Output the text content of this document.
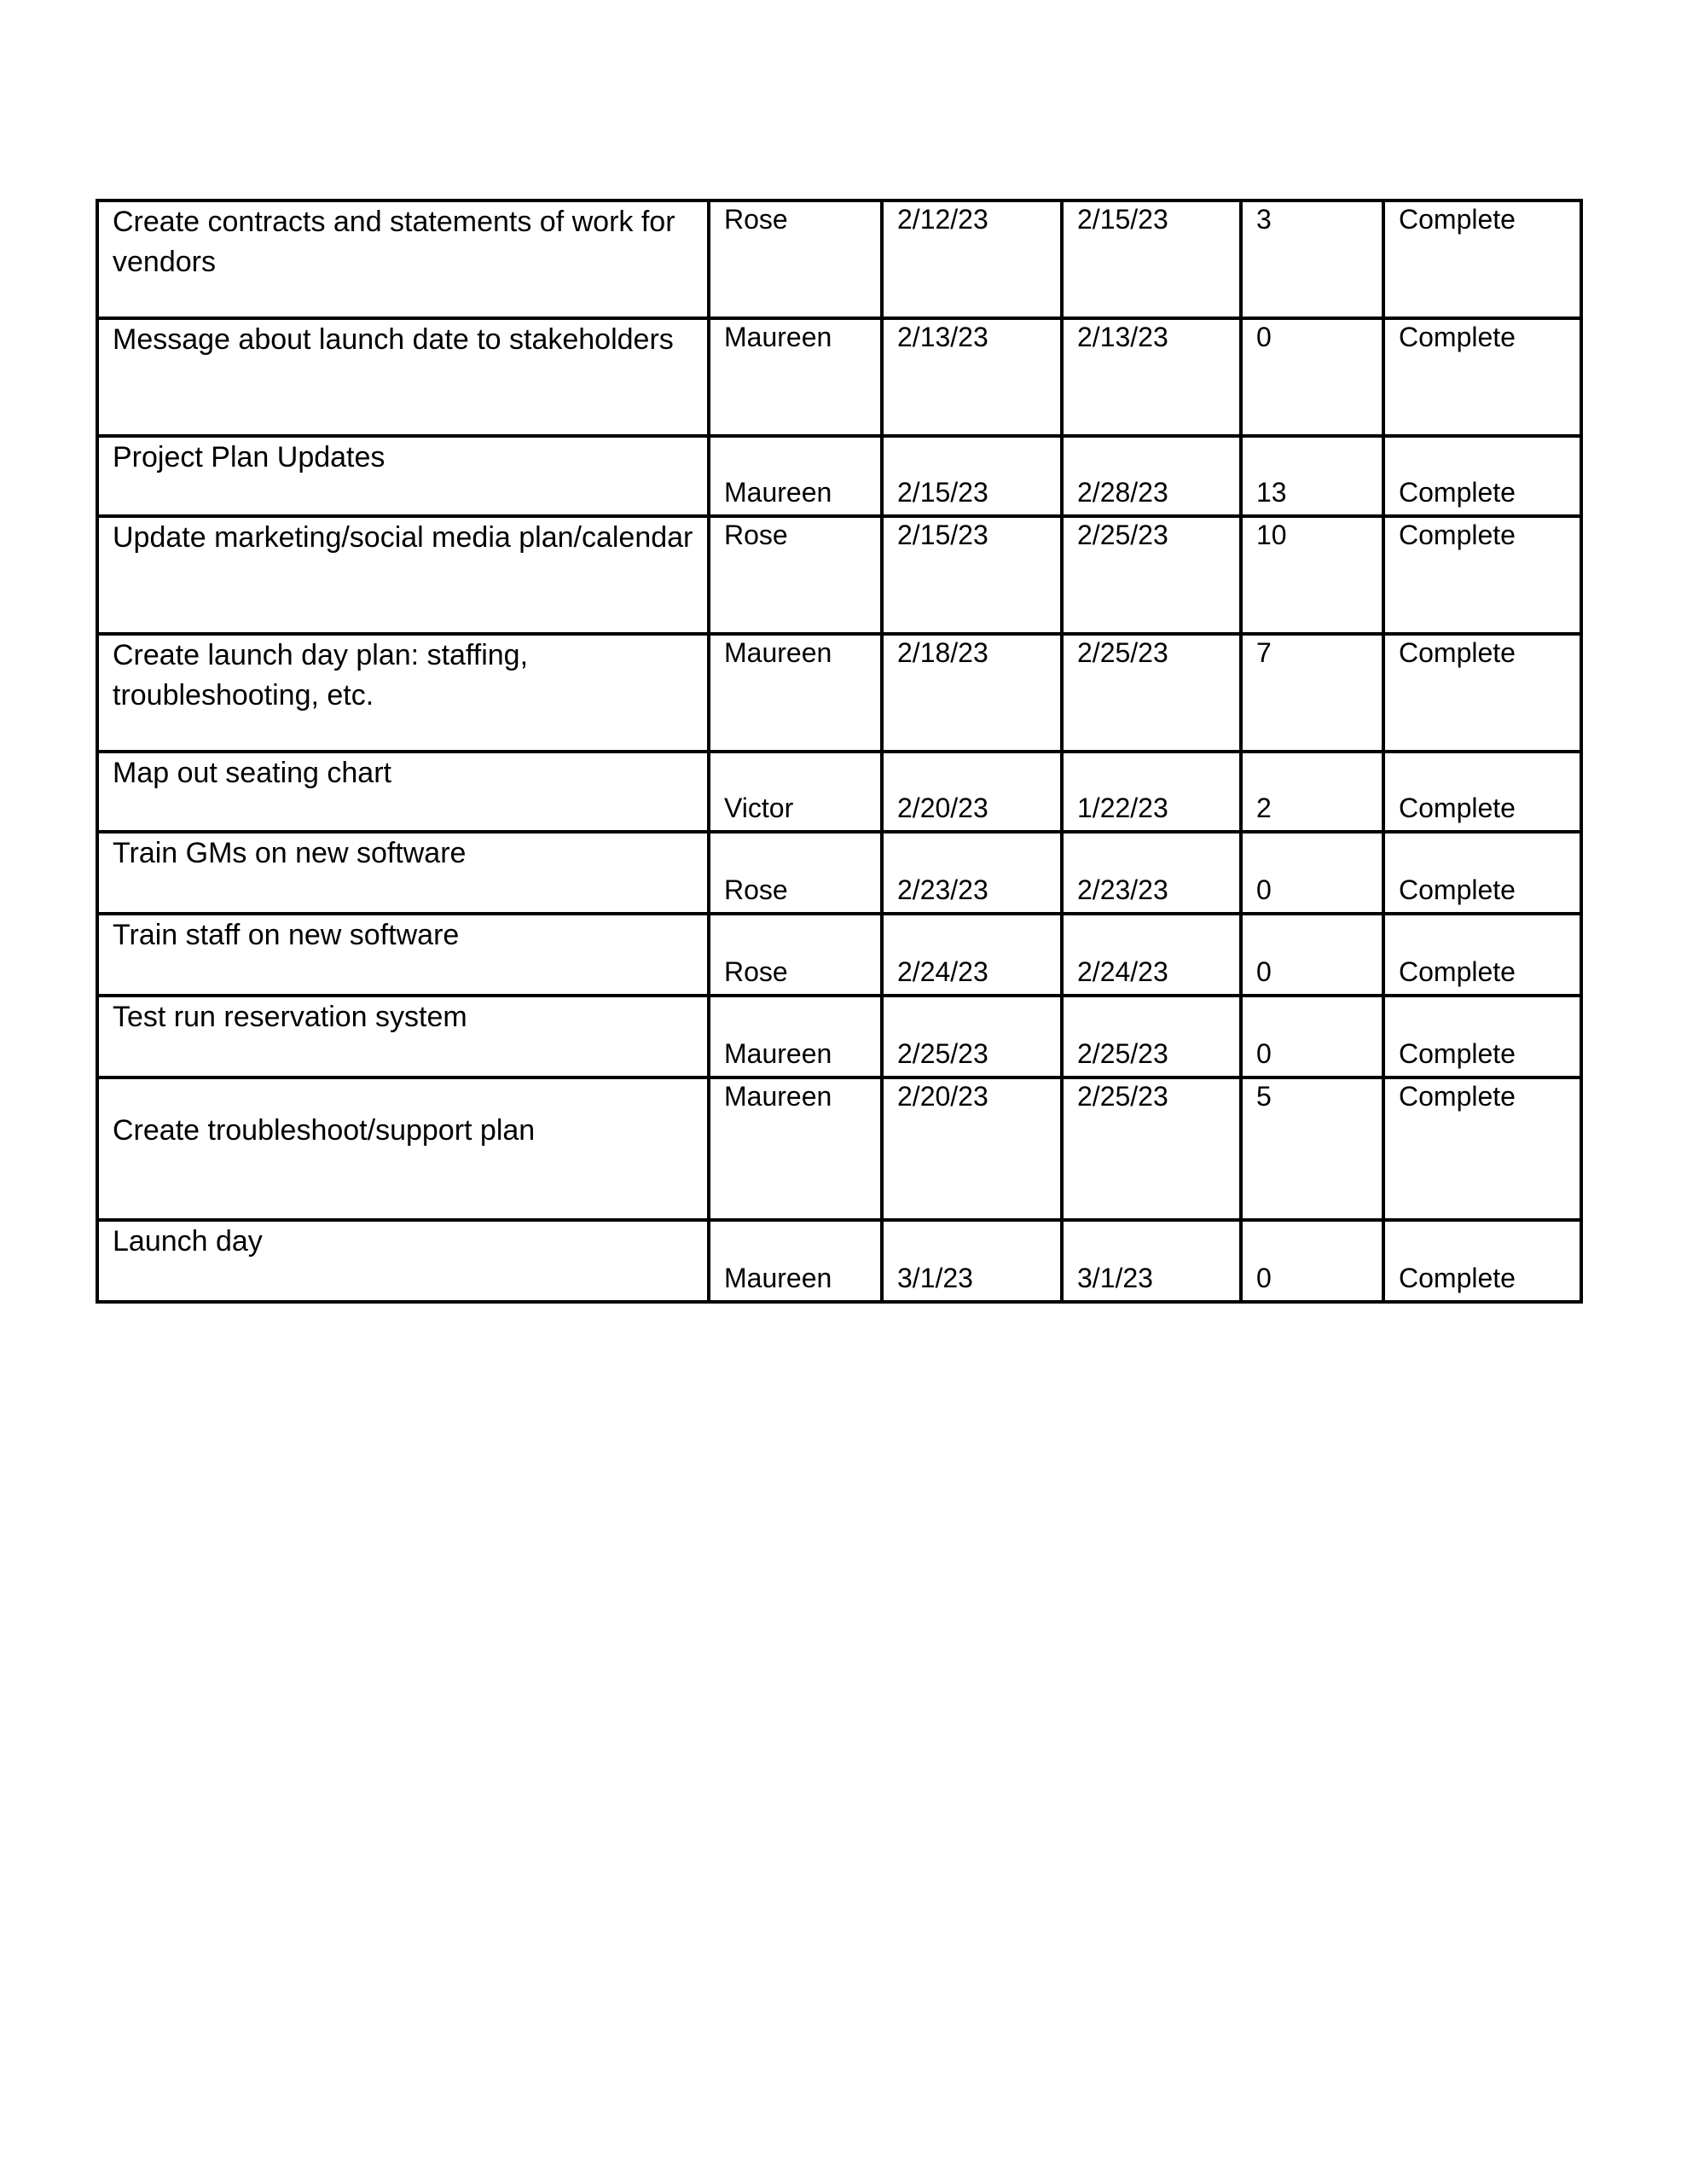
Create contracts and statements of work for vendors	Rose	2/12/23	2/15/23	3	Complete
Message about launch date to stakeholders	Maureen	2/13/23	2/13/23	0	Complete
Project Plan Updates	Maureen	2/15/23	2/28/23	13	Complete
Update marketing/social media plan/calendar	Rose	2/15/23	2/25/23	10	Complete
Create launch day plan: staffing, troubleshooting, etc.	Maureen	2/18/23	2/25/23	7	Complete
Map out seating chart	Victor	2/20/23	1/22/23	2	Complete
Train GMs on new software	Rose	2/23/23	2/23/23	0	Complete
Train staff on new software	Rose	2/24/23	2/24/23	0	Complete
Test run reservation system	Maureen	2/25/23	2/25/23	0	Complete
Create troubleshoot/support plan	Maureen	2/20/23	2/25/23	5	Complete
Launch day	Maureen	3/1/23	3/1/23	0	Complete
